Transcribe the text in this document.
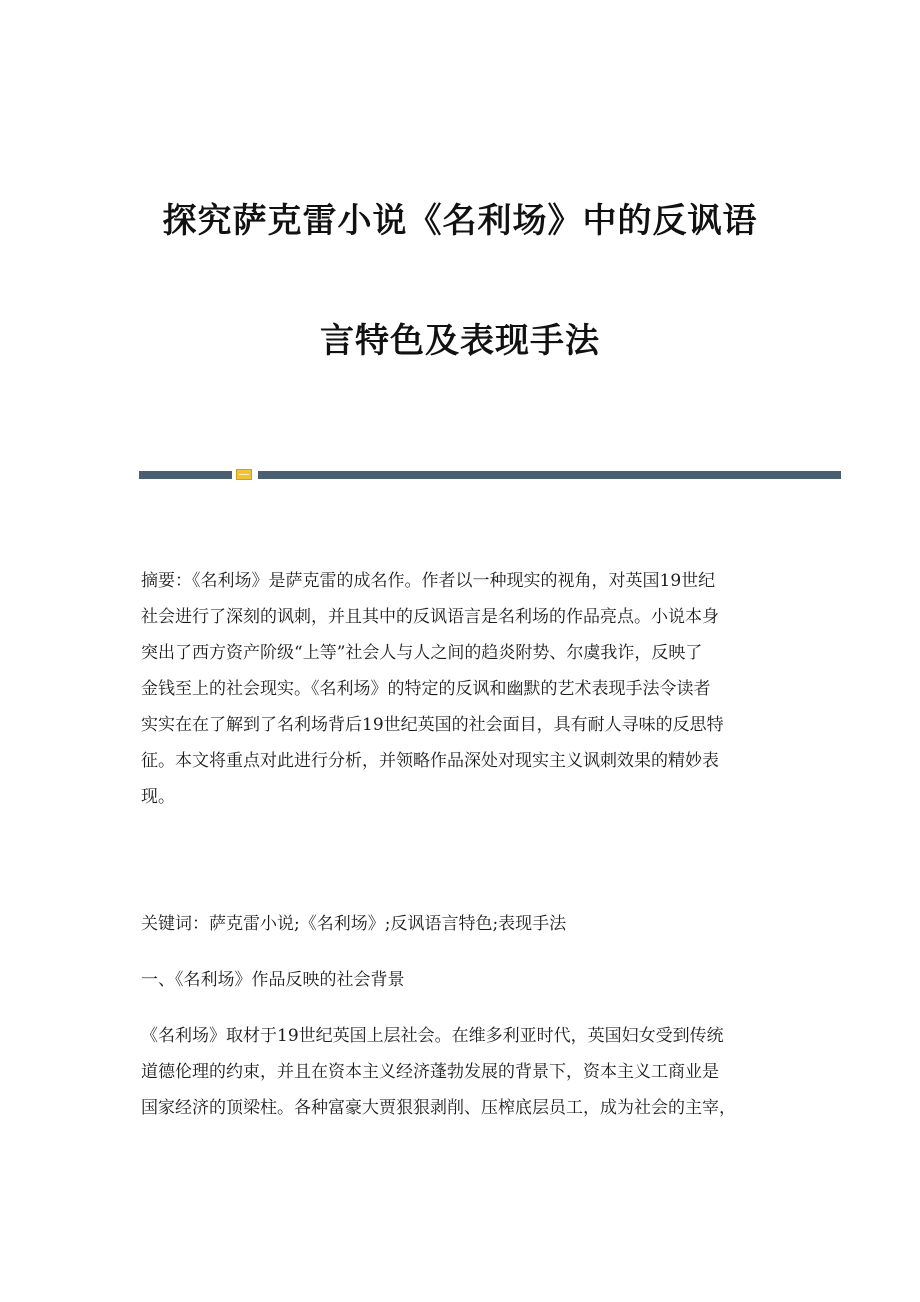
探究萨克雷小说《名利场》中的反讽语
言特色及表现手法

摘要：《名利场》是萨克雷的成名作。作者以一种现实的视角，对英国19世纪

社会进行了深刻的讽刺，并且其中的反讽语言是名利场的作品亮点。小说本身

突出了西方资产阶级“上等”社会人与人之间的趋炎附势、尔虞我诈，反映了

金钱至上的社会现实。《名利场》的特定的反讽和幽默的艺术表现手法令读者

实实在在了解到了名利场背后19世纪英国的社会面目，具有耐人寻味的反思特

征。本文将重点对此进行分析，并领略作品深处对现实主义讽刺效果的精妙表

现。

关键词：萨克雷小说;《名利场》;反讽语言特色;表现手法

一、《名利场》作品反映的社会背景

《名利场》取材于19世纪英国上层社会。在维多利亚时代，英国妇女受到传统

道德伦理的约束，并且在资本主义经济蓬勃发展的背景下，资本主义工商业是

国家经济的顶梁柱。各种富豪大贾狠狠剥削、压榨底层员工，成为社会的主宰，
